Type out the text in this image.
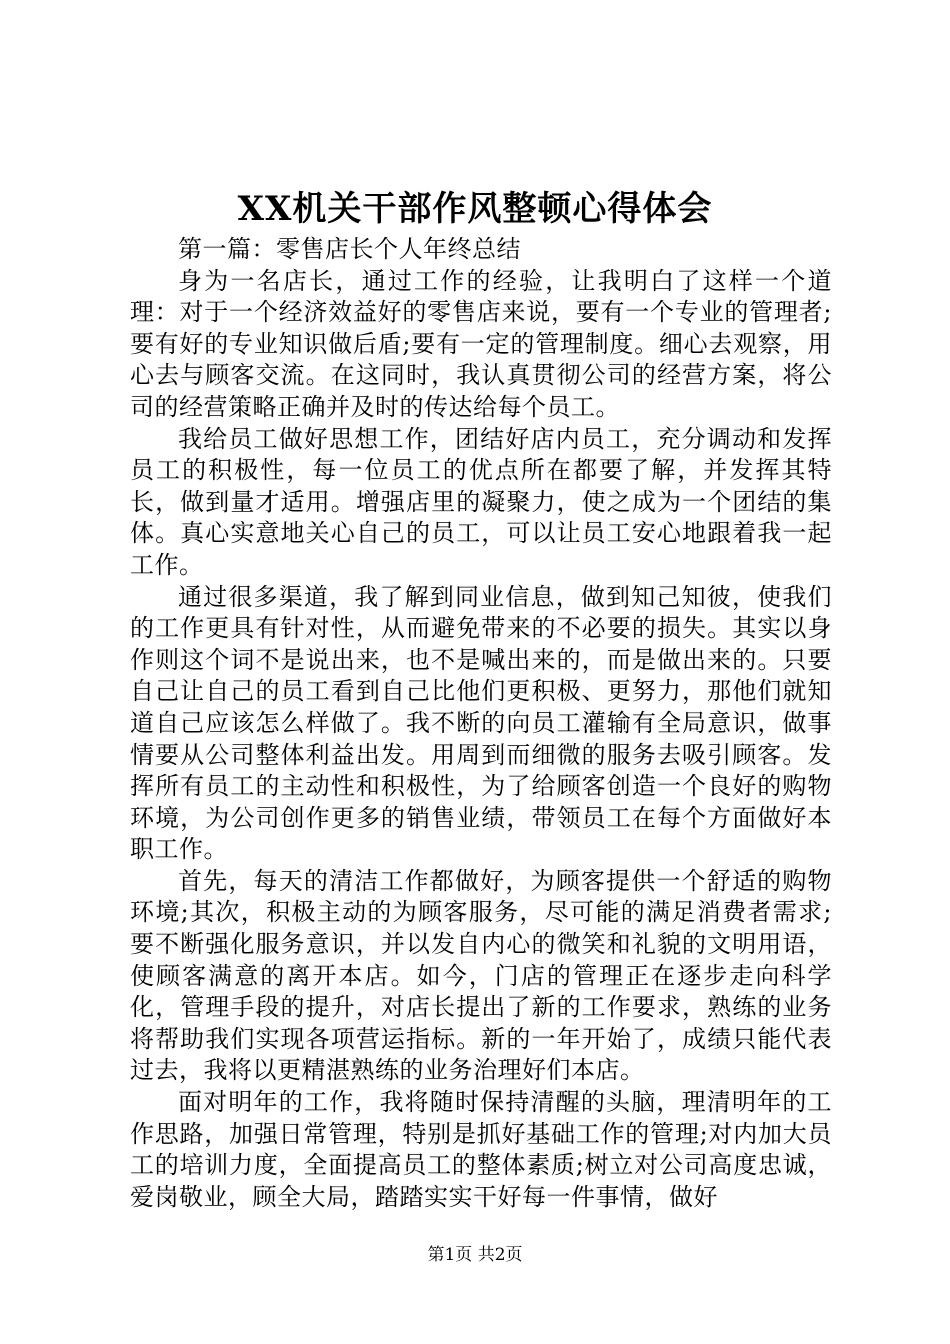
XX机关干部作风整顿心得体会

第一篇：零售店长个人年终总结

身为一名店长，通过工作的经验，让我明白了这样一个道理：对于一个经济效益好的零售店来说，要有一个专业的管理者;要有好的专业知识做后盾;要有一定的管理制度。细心去观察，用心去与顾客交流。在这同时，我认真贯彻公司的经营方案，将公司的经营策略正确并及时的传达给每个员工。

我给员工做好思想工作，团结好店内员工，充分调动和发挥员工的积极性，每一位员工的优点所在都要了解，并发挥其特长，做到量才适用。增强店里的凝聚力，使之成为一个团结的集体。真心实意地关心自己的员工，可以让员工安心地跟着我一起工作。

通过很多渠道，我了解到同业信息，做到知己知彼，使我们的工作更具有针对性，从而避免带来的不必要的损失。其实以身作则这个词不是说出来，也不是喊出来的，而是做出来的。只要自己让自己的员工看到自己比他们更积极、更努力，那他们就知道自己应该怎么样做了。我不断的向员工灌输有全局意识，做事情要从公司整体利益出发。用周到而细微的服务去吸引顾客。发挥所有员工的主动性和积极性，为了给顾客创造一个良好的购物环境，为公司创作更多的销售业绩，带领员工在每个方面做好本职工作。

首先，每天的清洁工作都做好，为顾客提供一个舒适的购物环境;其次，积极主动的为顾客服务，尽可能的满足消费者需求;要不断强化服务意识，并以发自内心的微笑和礼貌的文明用语，使顾客满意的离开本店。如今，门店的管理正在逐步走向科学化，管理手段的提升，对店长提出了新的工作要求，熟练的业务将帮助我们实现各项营运指标。新的一年开始了，成绩只能代表过去，我将以更精湛熟练的业务治理好们本店。

面对明年的工作，我将随时保持清醒的头脑，理清明年的工作思路，加强日常管理，特别是抓好基础工作的管理;对内加大员工的培训力度，全面提高员工的整体素质;树立对公司高度忠诚，爱岗敬业，顾全大局，踏踏实实干好每一件事情，做好

第1页 共2页
